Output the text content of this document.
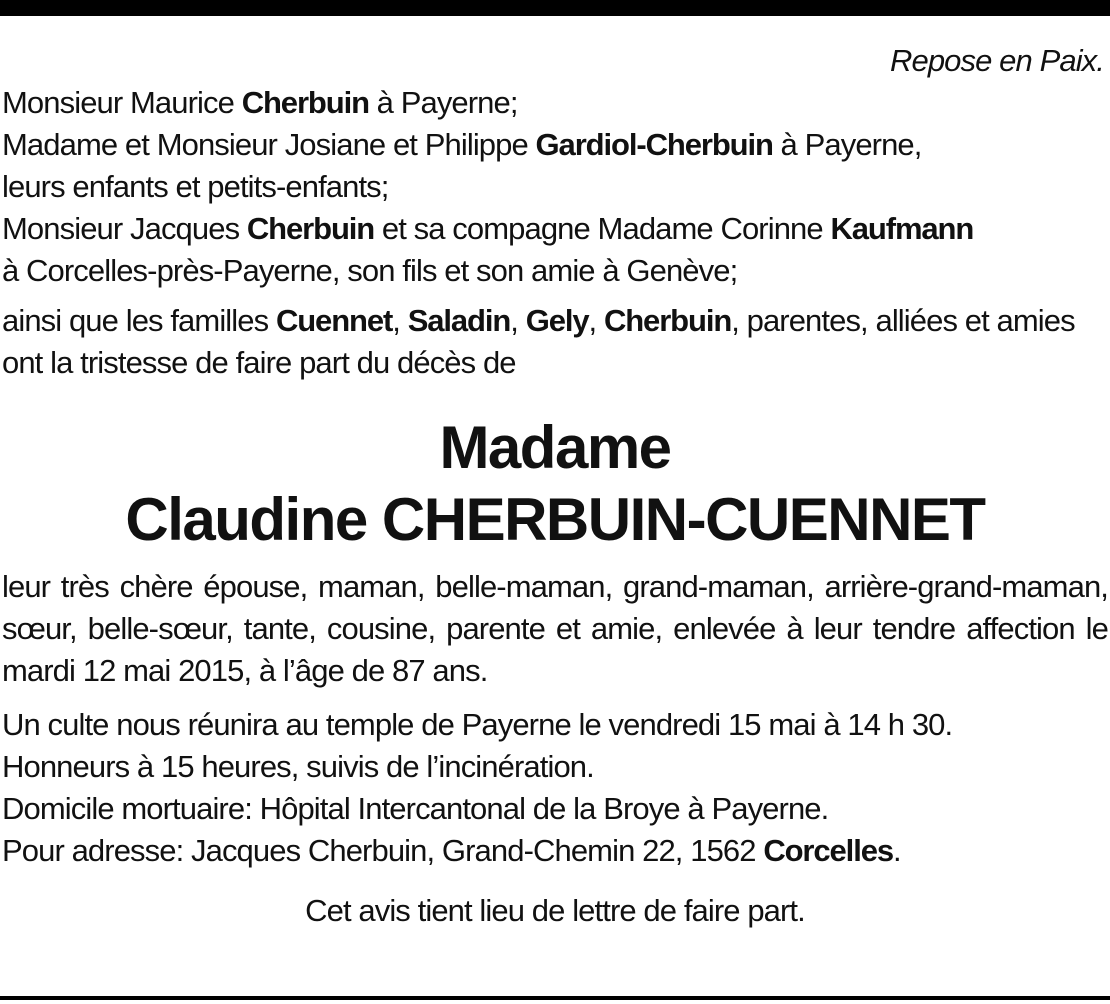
Repose en Paix.

Monsieur Maurice Cherbuin à Payerne;

Madame et Monsieur Josiane et Philippe Gardiol-Cherbuin à Payerne,

leurs enfants et petits-enfants;

Monsieur Jacques Cherbuin et sa compagne Madame Corinne Kaufmann

à Corcelles-près-Payerne, son fils et son amie à Genève;

ainsi que les familles Cuennet, Saladin, Gely, Cherbuin, parentes, alliées et amies

ont la tristesse de faire part du décès de

Madame
Claudine CHERBUIN-CUENNET

leur très chère épouse, maman, belle-maman, grand-maman, arrière-grand-maman, sœur, belle-sœur, tante, cousine, parente et amie, enlevée à leur tendre affection le mardi 12 mai 2015, à l’âge de 87 ans.

Un culte nous réunira au temple de Payerne le vendredi 15 mai à 14 h 30.

Honneurs à 15 heures, suivis de l’incinération.

Domicile mortuaire: Hôpital Intercantonal de la Broye à Payerne.

Pour adresse: Jacques Cherbuin, Grand-Chemin 22, 1562 Corcelles.

Cet avis tient lieu de lettre de faire part.
